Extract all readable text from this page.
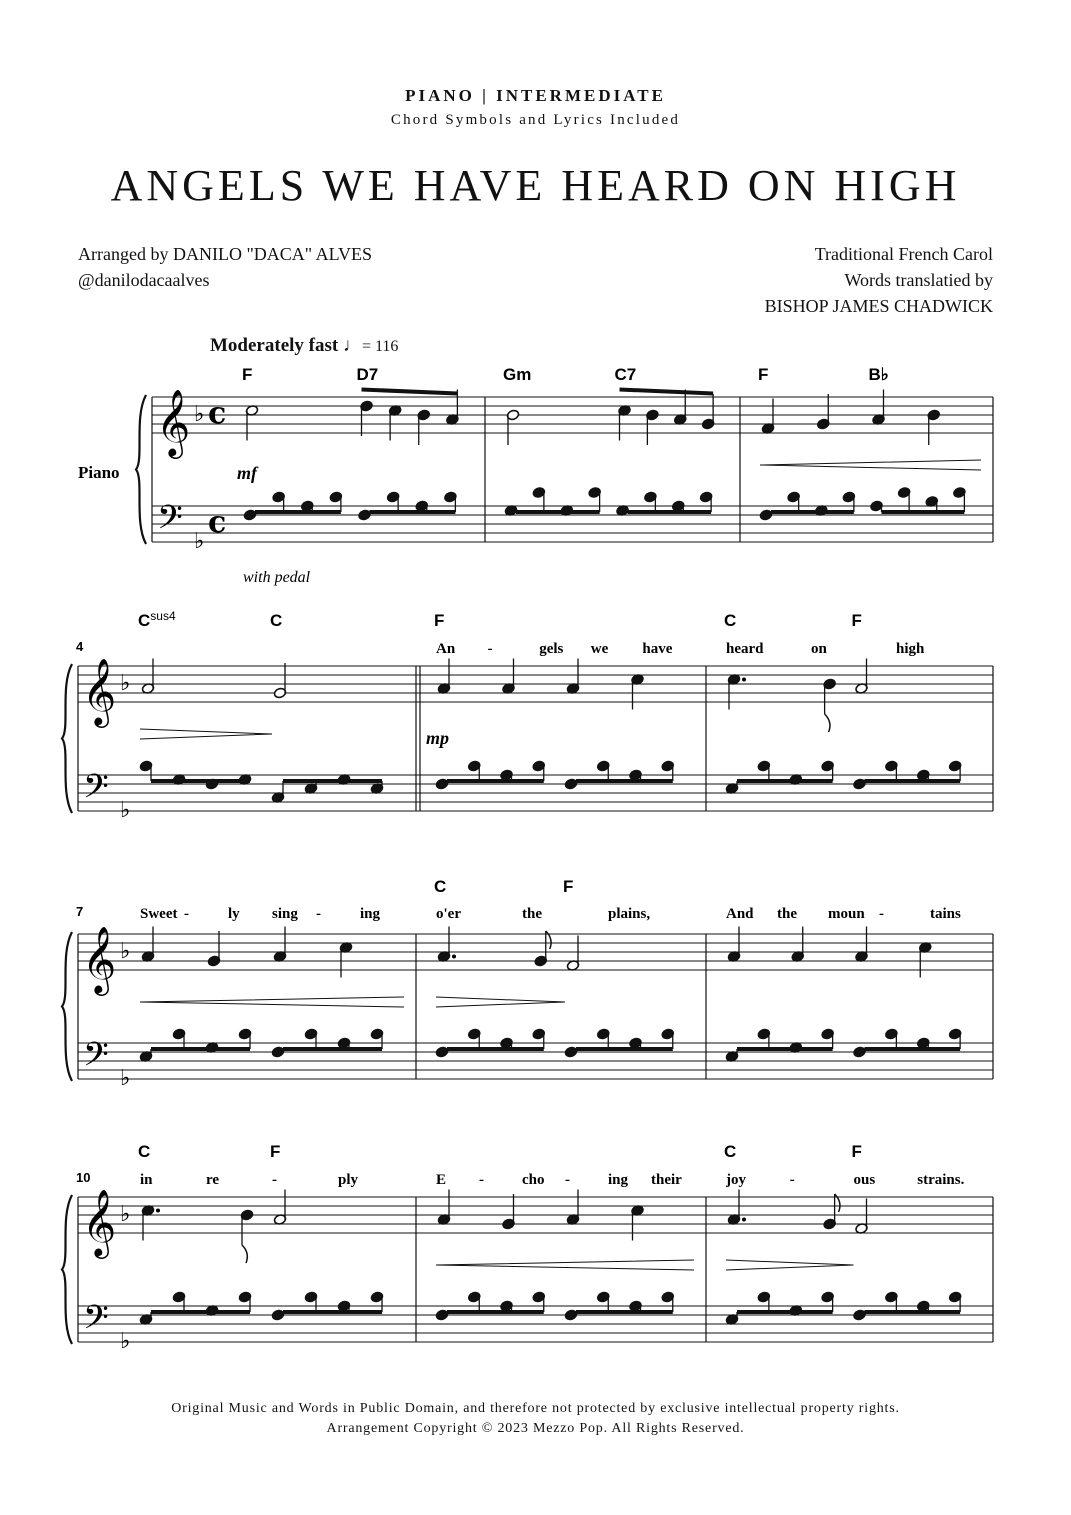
PIANO | INTERMEDIATE
Chord Symbols and Lyrics Included
ANGELS WE HAVE HEARD ON HIGH
Arranged by DANILO "DACA" ALVES
@danilodacaalves
Traditional French Carol
Words translatied by
BISHOP JAMES CHADWICK
Moderately fast ♩= 116
𝄞
𝄢
♭
♭
c
c
Piano
with pedal
mf
F	D7	Gm	C7	F	B♭
𝄞
𝄢
♭
♭
mp
4
$C^{sus4}$	C	F
An -	gels we have
C	F
heard	on	high
𝄞
𝄢
♭
♭
7	Sweet -	ly sing -	ing
C	F
o'er	the	plains,	And the moun -	tains
𝄞
𝄢
♭
♭
10
C	F
in	re	-	ply	E -	cho -	ing their
C	F
joy	-	ous	strains.
Original Music and Words in Public Domain, and therefore not protected by exclusive intellectual property rights.
Arrangement Copyright © 2023 Mezzo Pop. All Rights Reserved.
